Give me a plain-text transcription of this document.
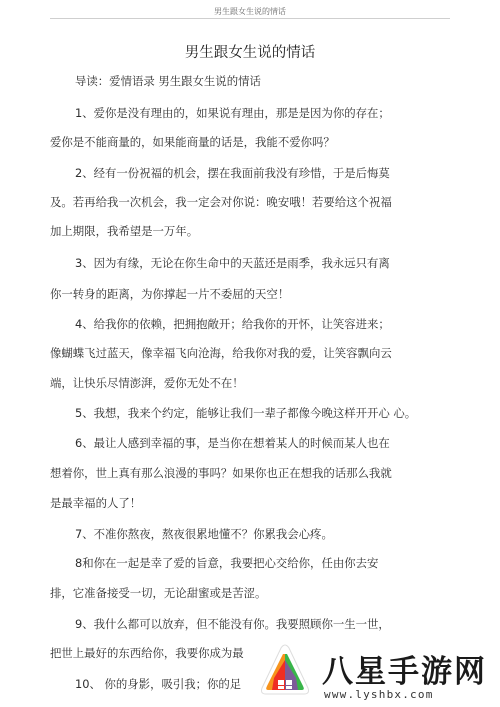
男生跟女生说的情话
男生跟女生说的情话
导读：爱情语录 男生跟女生说的情话
1、爱你是没有理由的，如果说有理由，那是是因为你的存在；
爱你是不能商量的，如果能商量的话是，我能不爱你吗？
2、经有一份祝福的机会，摆在我面前我没有珍惜，于是后悔莫
及。若再给我一次机会，我一定会对你说：晚安哦！若要给这个祝福
加上期限，我希望是一万年。
3、因为有缘，无论在你生命中的天蓝还是雨季，我永远只有离
你一转身的距离，为你撑起一片不委屈的天空！
4、给我你的依赖，把拥抱敞开；给我你的开怀，让笑容进来；
像蝴蝶飞过蓝天，像幸福飞向沧海，给我你对我的爱，让笑容飘向云
端，让快乐尽情澎湃，爱你无处不在！
5、我想，我来个约定，能够让我们一辈子都像今晚这样开开心 心。
6、最让人感到幸福的事，是当你在想着某人的时候而某人也在
想着你，世上真有那么浪漫的事吗？如果你也正在想我的话那么我就
是最幸福的人了！
7、不准你熬夜，熬夜很累地懂不？你累我会心疼。
8和你在一起是幸了爱的旨意，我要把心交给你，任由你去安
排，它准备接受一切，无论甜蜜或是苦涩。
9、我什么都可以放弃，但不能没有你。我要照顾你一生一世，
把世上最好的东西给你，我要你成为最
10、 你的身影，吸引我；你的足	八星手游网
www.lyshbx.com
